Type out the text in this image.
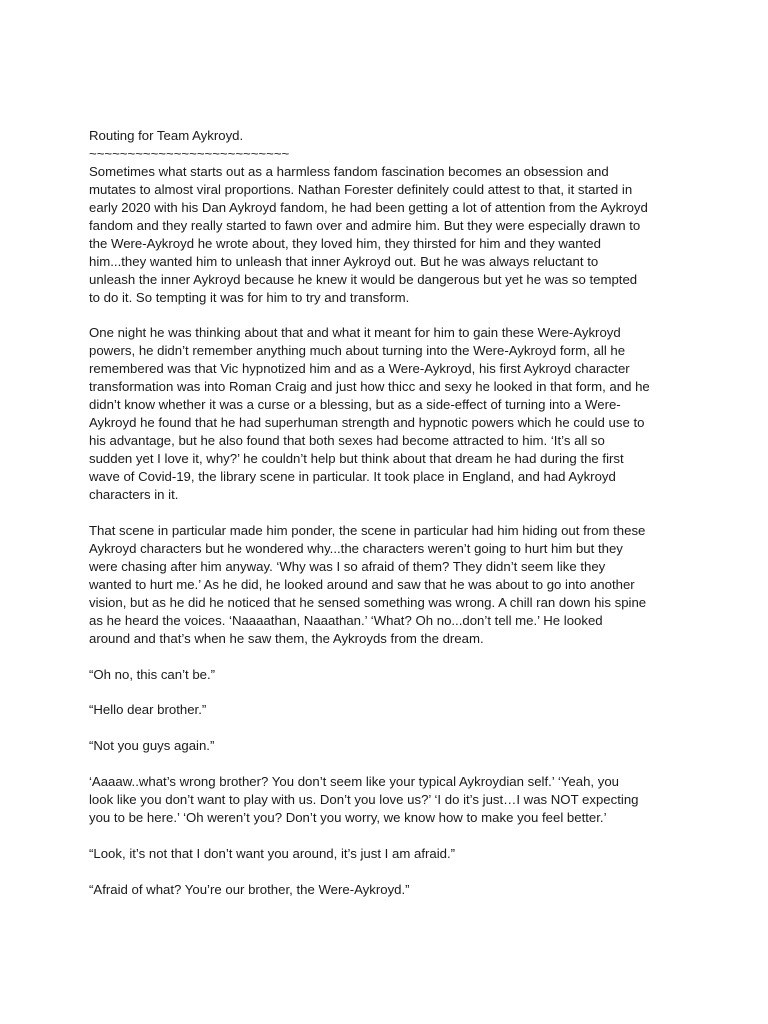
Routing for Team Aykroyd.
~~~~~~~~~~~~~~~~~~~~~~~~~~
Sometimes what starts out as a harmless fandom fascination becomes an obsession and
mutates to almost viral proportions. Nathan Forester definitely could attest to that, it started in
early 2020 with his Dan Aykroyd fandom, he had been getting a lot of attention from the Aykroyd
fandom and they really started to fawn over and admire him. But they were especially drawn to
the Were-Aykroyd he wrote about, they loved him, they thirsted for him and they wanted
him...they wanted him to unleash that inner Aykroyd out. But he was always reluctant to
unleash the inner Aykroyd because he knew it would be dangerous but yet he was so tempted
to do it. So tempting it was for him to try and transform.
One night he was thinking about that and what it meant for him to gain these Were-Aykroyd
powers, he didn’t remember anything much about turning into the Were-Aykroyd form, all he
remembered was that Vic hypnotized him and as a Were-Aykroyd, his first Aykroyd character
transformation was into Roman Craig and just how thicc and sexy he looked in that form, and he
didn’t know whether it was a curse or a blessing, but as a side-effect of turning into a Were-
Aykroyd he found that he had superhuman strength and hypnotic powers which he could use to
his advantage, but he also found that both sexes had become attracted to him. ‘It’s all so
sudden yet I love it, why?’ he couldn’t help but think about that dream he had during the first
wave of Covid-19, the library scene in particular. It took place in England, and had Aykroyd
characters in it.
That scene in particular made him ponder, the scene in particular had him hiding out from these
Aykroyd characters but he wondered why...the characters weren’t going to hurt him but they
were chasing after him anyway. ‘Why was I so afraid of them? They didn’t seem like they
wanted to hurt me.’ As he did, he looked around and saw that he was about to go into another
vision, but as he did he noticed that he sensed something was wrong. A chill ran down his spine
as he heard the voices. ‘Naaaathan, Naaathan.’ ‘What? Oh no...don’t tell me.’ He looked
around and that’s when he saw them, the Aykroyds from the dream.
“Oh no, this can’t be.”
“Hello dear brother.”
“Not you guys again.”
‘Aaaaw..what’s wrong brother? You don’t seem like your typical Aykroydian self.’ ‘Yeah, you
look like you don’t want to play with us. Don’t you love us?’ ‘I do it’s just…I was NOT expecting
you to be here.’ ‘Oh weren’t you? Don’t you worry, we know how to make you feel better.’
“Look, it’s not that I don’t want you around, it’s just I am afraid.”
“Afraid of what? You’re our brother, the Were-Aykroyd.”
